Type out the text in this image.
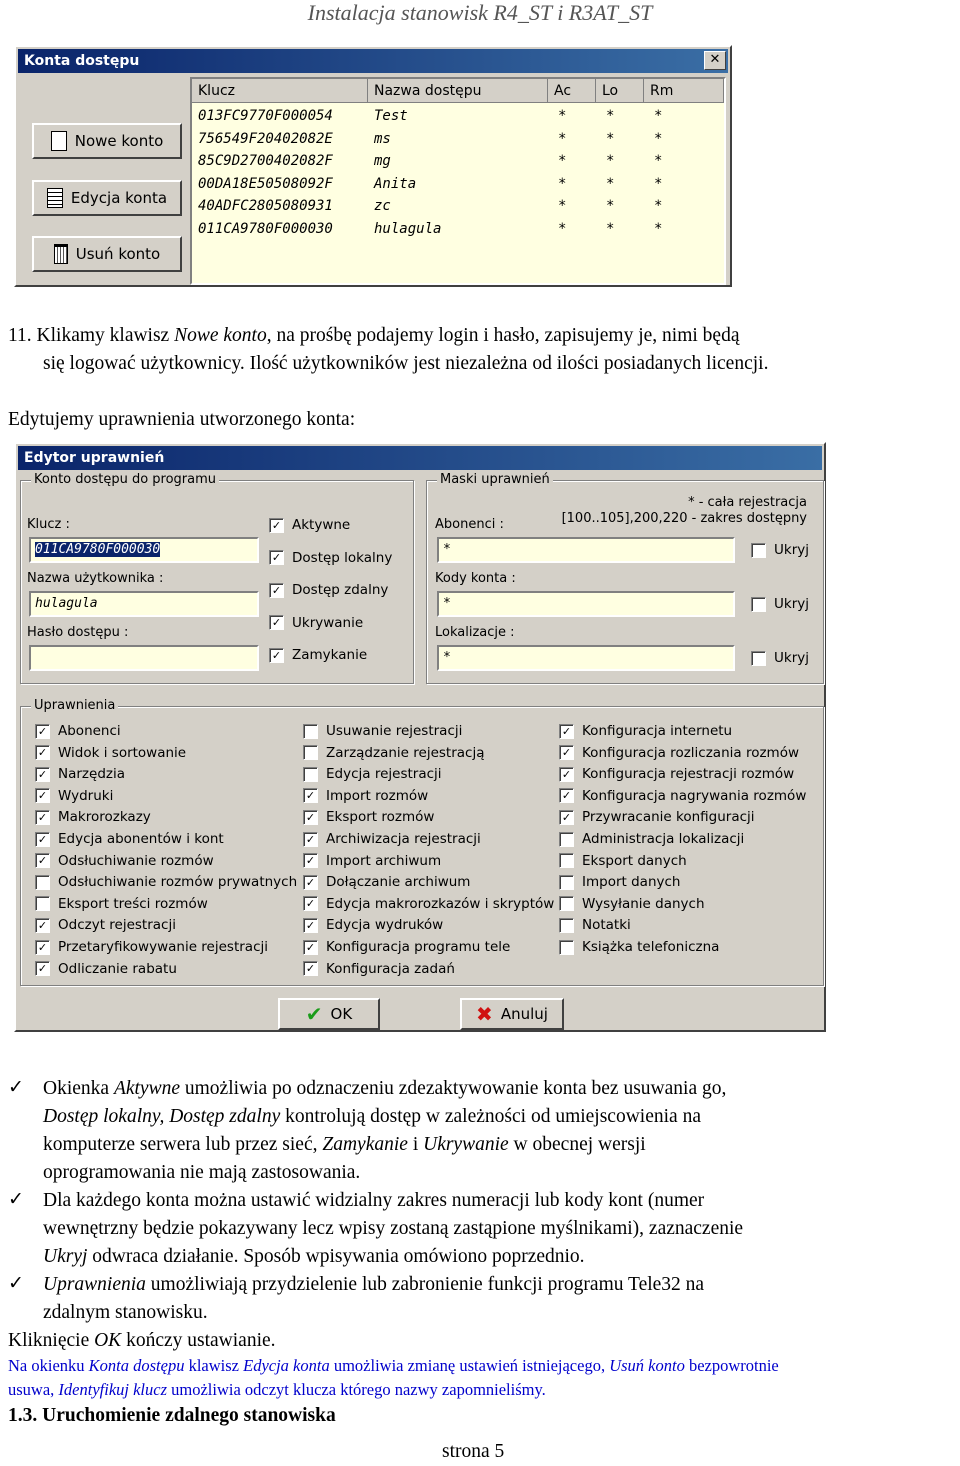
Instalacja stanowisk R4_ST i R3AT_ST
Konta dostępu	✕
Nowe konto
Edycja konta
Usuń konto
Klucz	Nazwa dostępu	Ac	Lo	Rm
013FC9770F000054	Test	*	*	*
756549F20402082E	ms	*	*	*
85C9D2700402082F	mg	*	*	*
00DA18E50508092F	Anita	*	*	*
40ADFC2805080931	zc	*	*	*
011CA9780F000030	hulagula	*	*	*
11. Klikamy klawisz Nowe konto, na prośbę podajemy login i hasło, zapisujemy je, nimi będą
się logować użytkownicy. Ilość użytkowników jest niezależna od ilości posiadanych licencji.
Edytujemy uprawnienia utworzonego konta:
Edytor uprawnień
Konto dostępu do programu
Klucz :
011CA9780F000030
Nazwa użytkownika :
hulagula
Hasło dostępu :
✓ Aktywne
✓ Dostęp lokalny
✓ Dostęp zdalny
✓ Ukrywanie
✓ Zamykanie
Maski uprawnień
* - cała rejestracja
[100..105],200,220 - zakres dostępny
Abonenci :
*	Ukryj
Kody konta :
*	Ukryj
Lokalizacje :
*	Ukryj
Uprawnienia
✓ Abonenci
✓ Widok i sortowanie
✓ Narzędzia
✓ Wydruki
✓ Makrorozkazy
✓ Edycja abonentów i kont
✓ Odsłuchiwanie rozmów
Odsłuchiwanie rozmów prywatnych
Eksport treści rozmów
✓ Odczyt rejestracji
✓ Przetaryfikowywanie rejestracji
✓ Odliczanie rabatu
Usuwanie rejestracji
Zarządzanie rejestracją
Edycja rejestracji
✓ Import rozmów
✓ Eksport rozmów
✓ Archiwizacja rejestracji
✓ Import archiwum
✓ Dołączanie archiwum
✓ Edycja makrorozkazów i skryptów
✓ Edycja wydruków
✓ Konfiguracja programu tele
✓ Konfiguracja zadań
✓ Konfiguracja internetu
✓ Konfiguracja rozliczania rozmów
✓ Konfiguracja rejestracji rozmów
✓ Konfiguracja nagrywania rozmów
✓ Przywracanie konfiguracji
Administracja lokalizacji
Eksport danych
Import danych
Wysyłanie danych
Notatki
Książka telefoniczna
✔ OK	✖ Anuluj
✓ Okienka Aktywne umożliwia po odznaczeniu zdezaktywowanie konta bez usuwania go,
Dostęp lokalny, Dostęp zdalny kontrolują dostęp w zależności od umiejscowienia na
komputerze serwera lub przez sieć, Zamykanie i Ukrywanie w obecnej wersji
oprogramowania nie mają zastosowania.
✓ Dla każdego konta można ustawić widzialny zakres numeracji lub kody kont (numer
wewnętrzny będzie pokazywany lecz wpisy zostaną zastąpione myślnikami), zaznaczenie
Ukryj odwraca działanie. Sposób wpisywania omówiono poprzednio.
✓ Uprawnienia umożliwiają przydzielenie lub zabronienie funkcji programu Tele32 na
zdalnym stanowisku.
Kliknięcie OK kończy ustawianie.
Na okienku Konta dostępu klawisz Edycja konta umożliwia zmianę ustawień istniejącego, Usuń konto bezpowrotnie
usuwa, Identyfikuj klucz umożliwia odczyt klucza którego nazwy zapomnieliśmy.
1.3. Uruchomienie zdalnego stanowiska
strona 5
